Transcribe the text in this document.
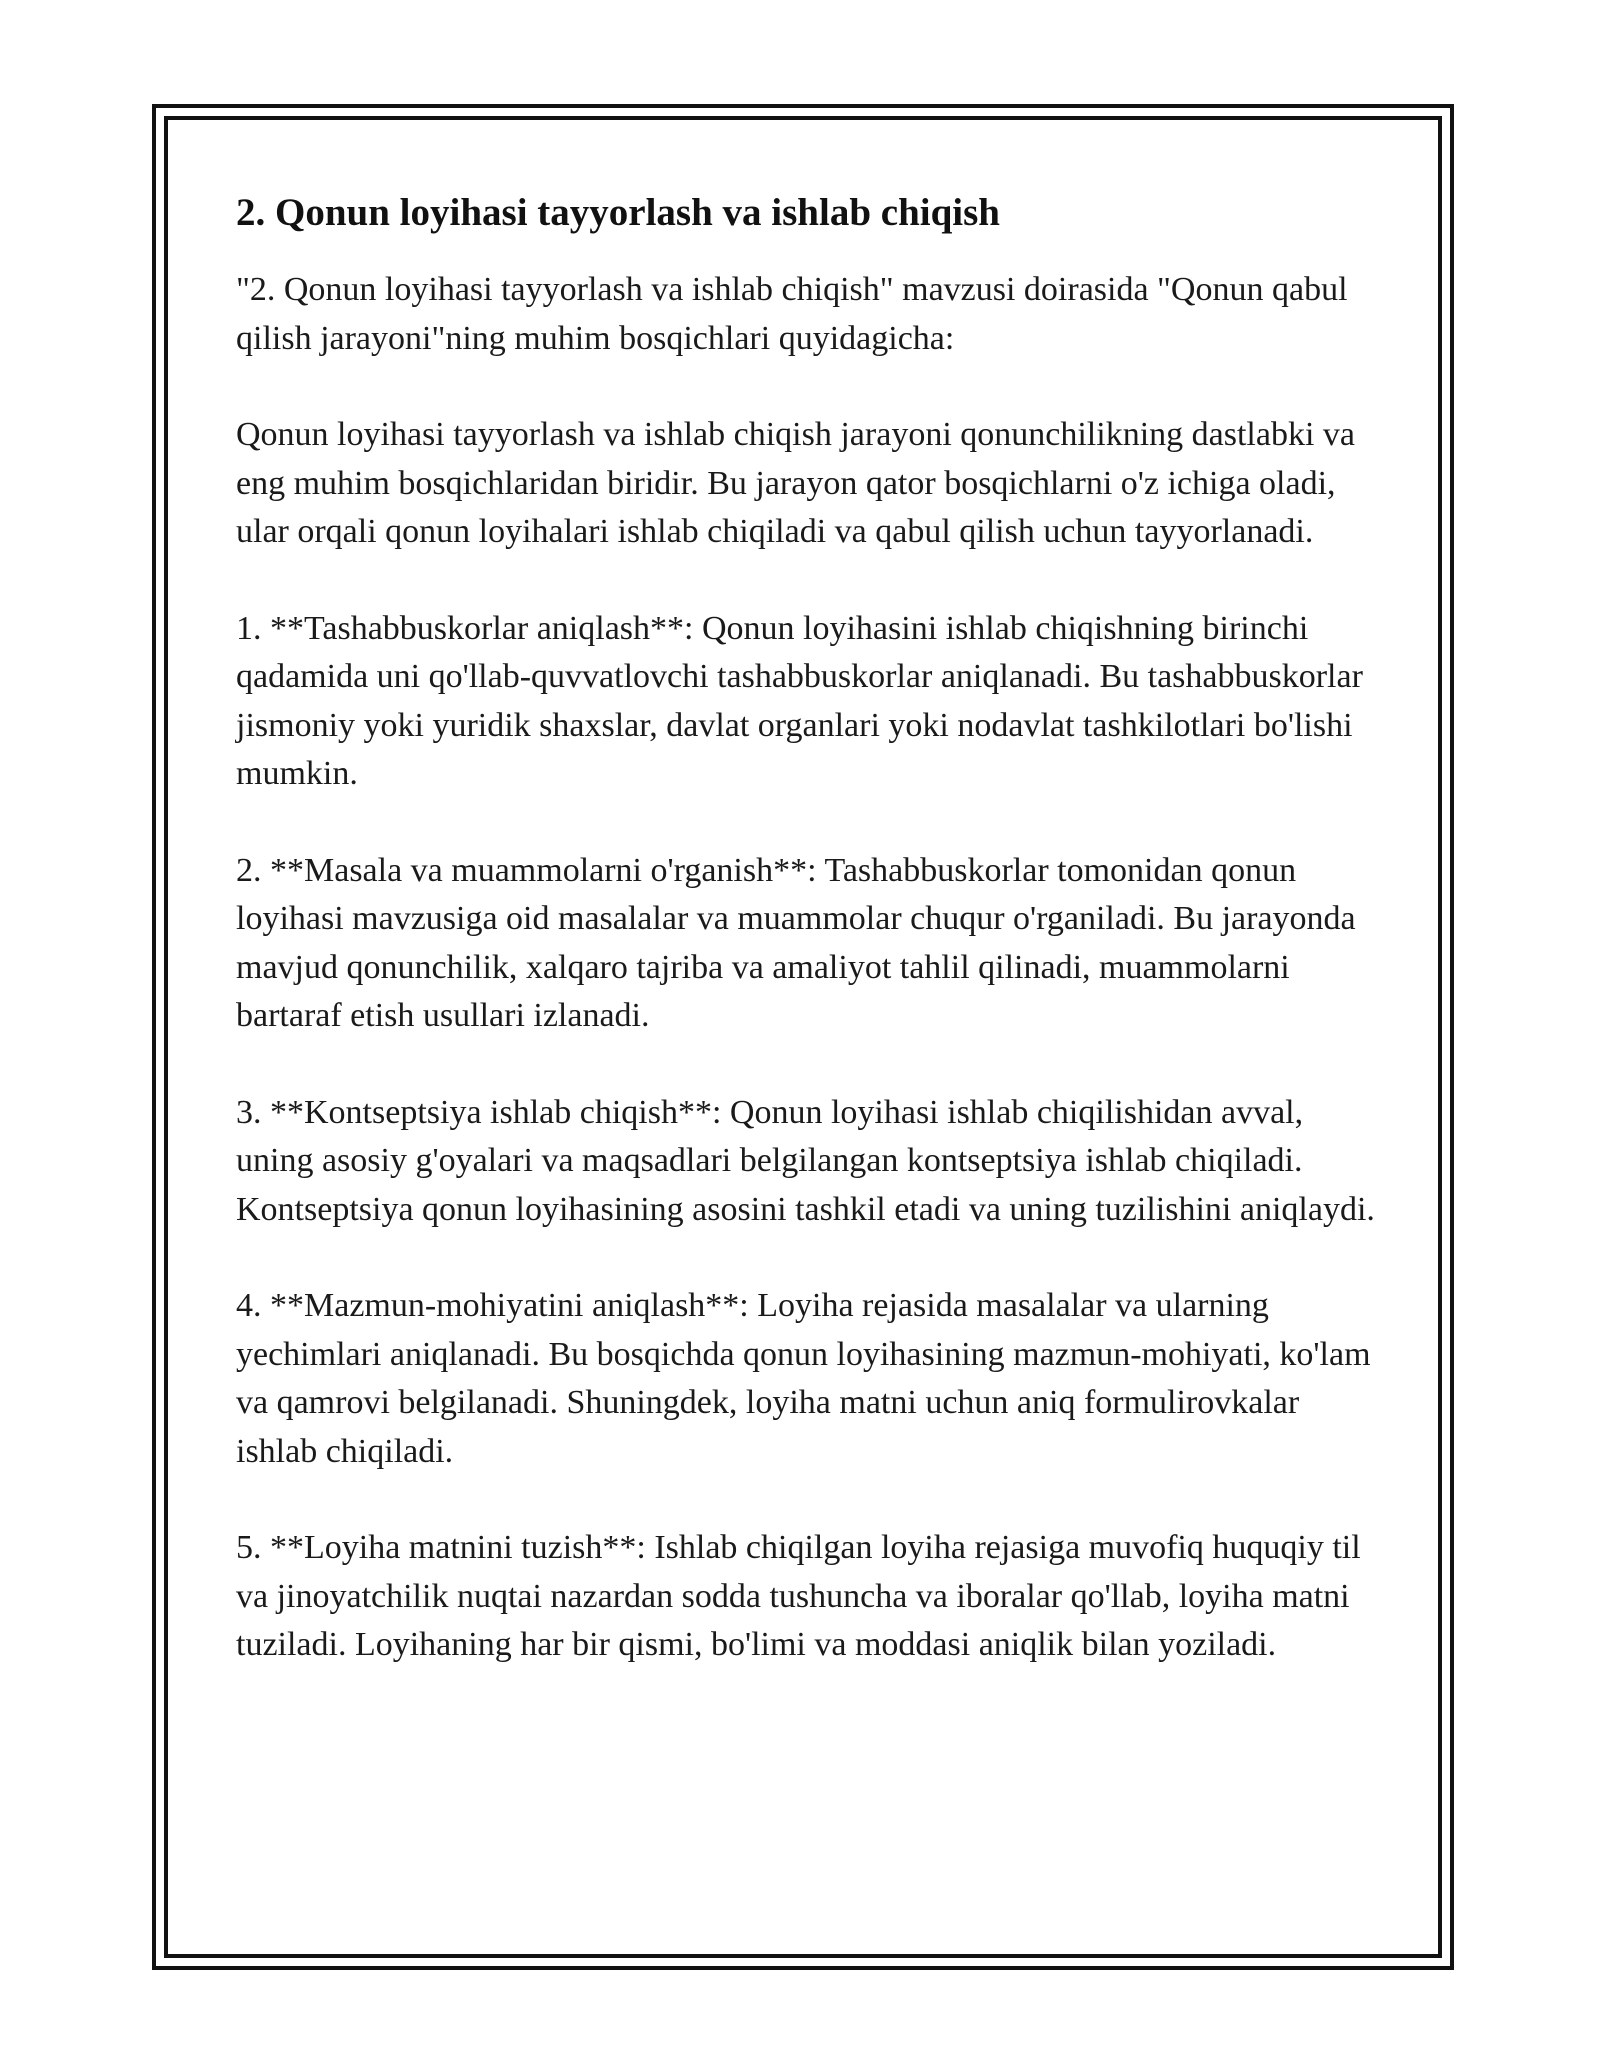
2. Qonun loyihasi tayyorlash va ishlab chiqish

"2. Qonun loyihasi tayyorlash va ishlab chiqish" mavzusi doirasida "Qonun qabul qilish jarayoni"ning muhim bosqichlari quyidagicha:

Qonun loyihasi tayyorlash va ishlab chiqish jarayoni qonunchilikning dastlabki va eng muhim bosqichlaridan biridir. Bu jarayon qator bosqichlarni o'z ichiga oladi, ular orqali qonun loyihalari ishlab chiqiladi va qabul qilish uchun tayyorlanadi.

1. **Tashabbuskorlar aniqlash**: Qonun loyihasini ishlab chiqishning birinchi qadamida uni qo'llab-quvvatlovchi tashabbuskorlar aniqlanadi. Bu tashabbuskorlar jismoniy yoki yuridik shaxslar, davlat organlari yoki nodavlat tashkilotlari bo'lishi mumkin.

2. **Masala va muammolarni o'rganish**: Tashabbuskorlar tomonidan qonun loyihasi mavzusiga oid masalalar va muammolar chuqur o'rganiladi. Bu jarayonda mavjud qonunchilik, xalqaro tajriba va amaliyot tahlil qilinadi, muammolarni bartaraf etish usullari izlanadi.

3. **Kontseptsiya ishlab chiqish**: Qonun loyihasi ishlab chiqilishidan avval, uning asosiy g'oyalari va maqsadlari belgilangan kontseptsiya ishlab chiqiladi. Kontseptsiya qonun loyihasining asosini tashkil etadi va uning tuzilishini aniqlaydi.

4. **Mazmun-mohiyatini aniqlash**: Loyiha rejasida masalalar va ularning yechimlari aniqlanadi. Bu bosqichda qonun loyihasining mazmun-mohiyati, ko'lam va qamrovi belgilanadi. Shuningdek, loyiha matni uchun aniq formulirovkalar ishlab chiqiladi.

5. **Loyiha matnini tuzish**: Ishlab chiqilgan loyiha rejasiga muvofiq huquqiy til va jinoyatchilik nuqtai nazardan sodda tushuncha va iboralar qo'llab, loyiha matni tuziladi. Loyihaning har bir qismi, bo'limi va moddasi aniqlik bilan yoziladi.
